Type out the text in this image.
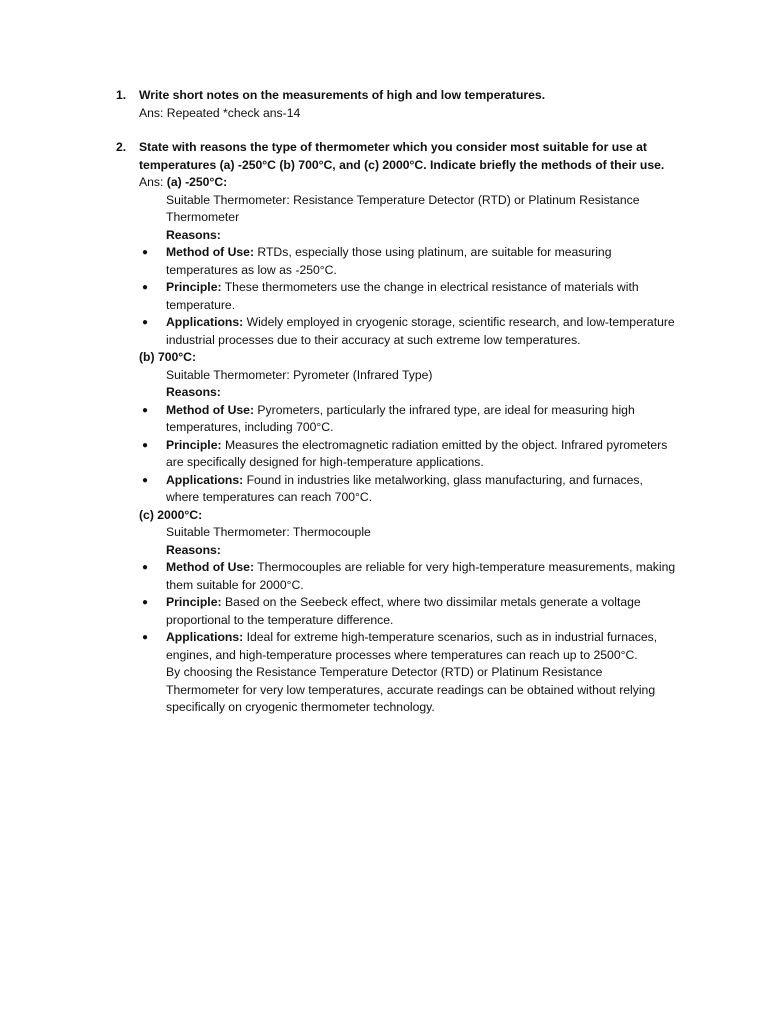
1. Write short notes on the measurements of high and low temperatures.
Ans: Repeated *check ans-14
2. State with reasons the type of thermometer which you consider most suitable for use at temperatures (a) -250°C (b) 700°C, and (c) 2000°C. Indicate briefly the methods of their use.
Ans: (a) -250°C:
Suitable Thermometer: Resistance Temperature Detector (RTD) or Platinum Resistance Thermometer
Reasons:
● Method of Use: RTDs, especially those using platinum, are suitable for measuring temperatures as low as -250°C.
● Principle: These thermometers use the change in electrical resistance of materials with temperature.
● Applications: Widely employed in cryogenic storage, scientific research, and low-temperature industrial processes due to their accuracy at such extreme low temperatures.
(b) 700°C:
Suitable Thermometer: Pyrometer (Infrared Type)
Reasons:
● Method of Use: Pyrometers, particularly the infrared type, are ideal for measuring high temperatures, including 700°C.
● Principle: Measures the electromagnetic radiation emitted by the object. Infrared pyrometers are specifically designed for high-temperature applications.
● Applications: Found in industries like metalworking, glass manufacturing, and furnaces, where temperatures can reach 700°C.
(c) 2000°C:
Suitable Thermometer: Thermocouple
Reasons:
● Method of Use: Thermocouples are reliable for very high-temperature measurements, making them suitable for 2000°C.
● Principle: Based on the Seebeck effect, where two dissimilar metals generate a voltage proportional to the temperature difference.
● Applications: Ideal for extreme high-temperature scenarios, such as in industrial furnaces, engines, and high-temperature processes where temperatures can reach up to 2500°C.
By choosing the Resistance Temperature Detector (RTD) or Platinum Resistance Thermometer for very low temperatures, accurate readings can be obtained without relying specifically on cryogenic thermometer technology.
